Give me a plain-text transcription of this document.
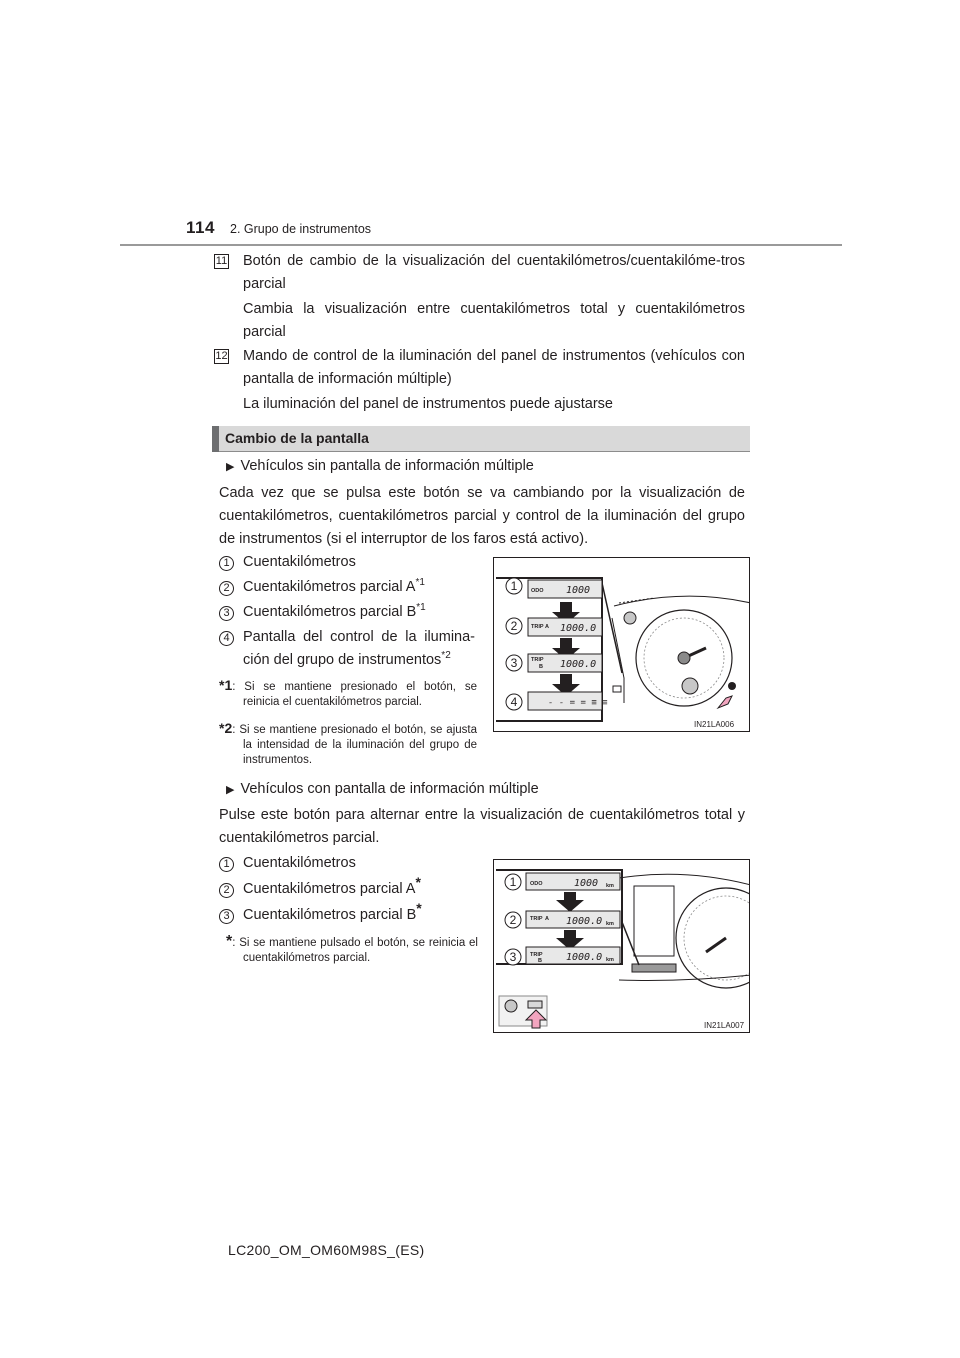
114 2. Grupo de instrumentos
11 Botón de cambio de la visualización del cuentakilómetros/cuentakilóme-tros parcial
Cambia la visualización entre cuentakilómetros total y cuentakilómetros parcial
12 Mando de control de la iluminación del panel de instrumentos (vehículos con pantalla de información múltiple)
La iluminación del panel de instrumentos puede ajustarse
Cambio de la pantalla
▶ Vehículos sin pantalla de información múltiple
Cada vez que se pulsa este botón se va cambiando por la visualización de cuentakilómetros, cuentakilómetros parcial y control de la iluminación del grupo de instrumentos (si el interruptor de los faros está activo).
1 Cuentakilómetros
2 Cuentakilómetros parcial $A^{*1}$
3 Cuentakilómetros parcial $B^{*1}$
4 Pantalla del control de la ilumina-ción del grupo de instrumentos$^{*2}$
*1: Si se mantiene presionado el botón, se reinicia el cuentakilómetros parcial.
*2: Si se mantiene presionado el botón, se ajusta la intensidad de la iluminación del grupo de instrumentos.
1
2
3
4
ODO
TRIP A
TRIP
B
1000
1000.0
1000.0
- - = = ≡ ≡
IN21LA006
▶ Vehículos con pantalla de información múltiple
Pulse este botón para alternar entre la visualización de cuentakilómetros total y cuentakilómetros parcial.
1 Cuentakilómetros
2 Cuentakilómetros parcial A*
3 Cuentakilómetros parcial B*
*: Si se mantiene pulsado el botón, se reinicia el cuentakilómetros parcial.
1
2
3
ODO
TRIP A
TRIP
B
km
km
km
1000
1000.0
1000.0
IN21LA007
LC200_OM_OM60M98S_(ES)
